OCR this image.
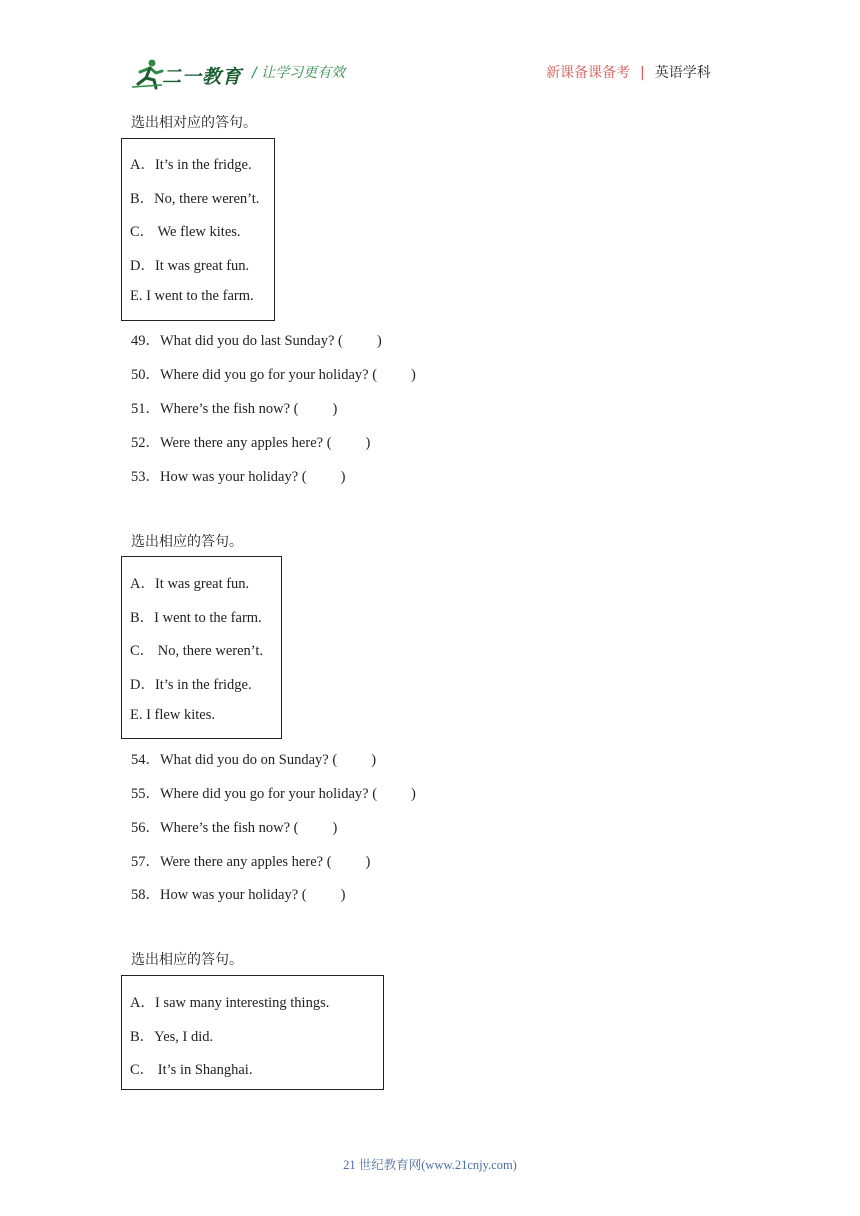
二一教育 / 让学习更有效	新课备课备考 | 英语学科
选出相对应的答句。
A．It’s in the fridge.
B．No, there weren’t.
C． We flew kites.
D．It was great fun.
E. I went to the farm.
49．What did you do last Sunday? ( )
50．Where did you go for your holiday? ( )
51．Where’s the fish now? ( )
52．Were there any apples here? ( )
53．How was your holiday? ( )
选出相应的答句。
A．It was great fun.
B．I went to the farm.
C． No, there weren’t.
D．It’s in the fridge.
E. I flew kites.
54．What did you do on Sunday? ( )
55．Where did you go for your holiday? ( )
56．Where’s the fish now? ( )
57．Were there any apples here? ( )
58．How was your holiday? ( )
选出相应的答句。
A．I saw many interesting things.
B．Yes, I did.
C． It’s in Shanghai.
21 世纪教育网(www.21cnjy.com)
